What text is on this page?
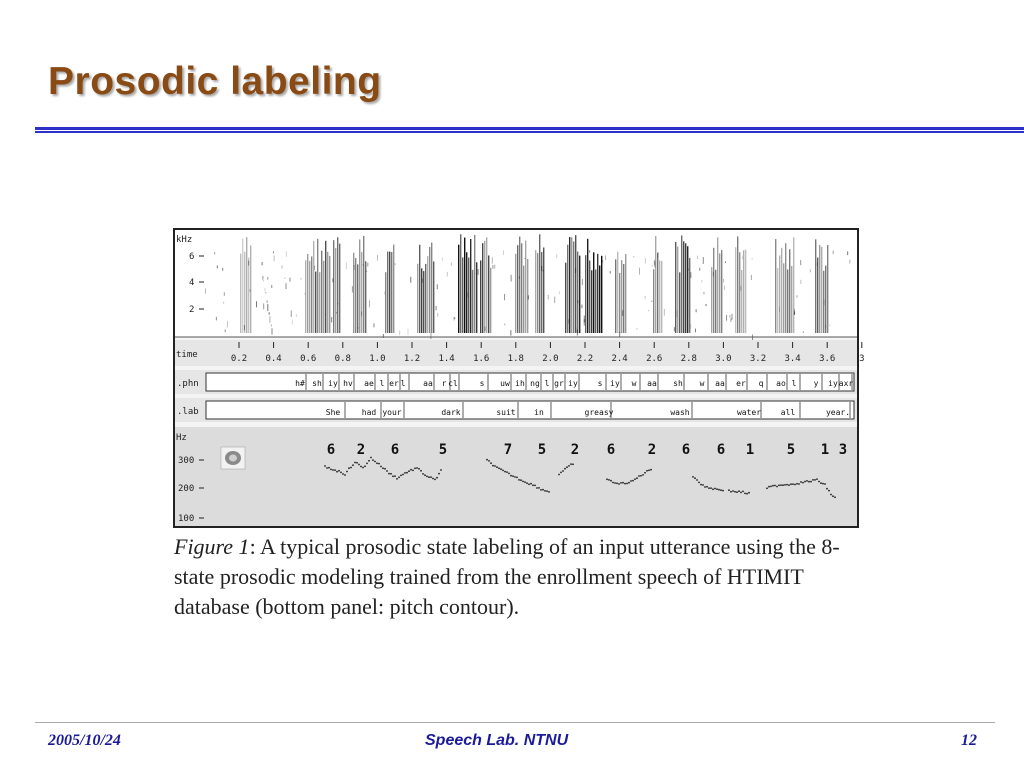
Prosodic labeling
kHz
6
4
2
time	0.2 0.4 0.6 0.8 1.0 1.2 1.4 1.6 1.8 2.0 2.2 2.4 2.6 2.8 3.0 3.2 3.4 3.6	3
.phn	h# sh iy hv ae l er l aa r cl	s uw ih ng l gr iy s iy w aa sh w aa er q ao l y iy axr
.lab	She	had your	dark	suit in	greasy	wash	water all	year.
Hz
300
200
100
6 2 6	5	7 5 2 6 2 6 6 1 5 1 3
Figure 1: A typical prosodic state labeling of an input utterance using the 8-state prosodic modeling trained from the enrollment speech of HTIMIT database (bottom panel: pitch contour).
2005/10/24	Speech Lab. NTNU	12
